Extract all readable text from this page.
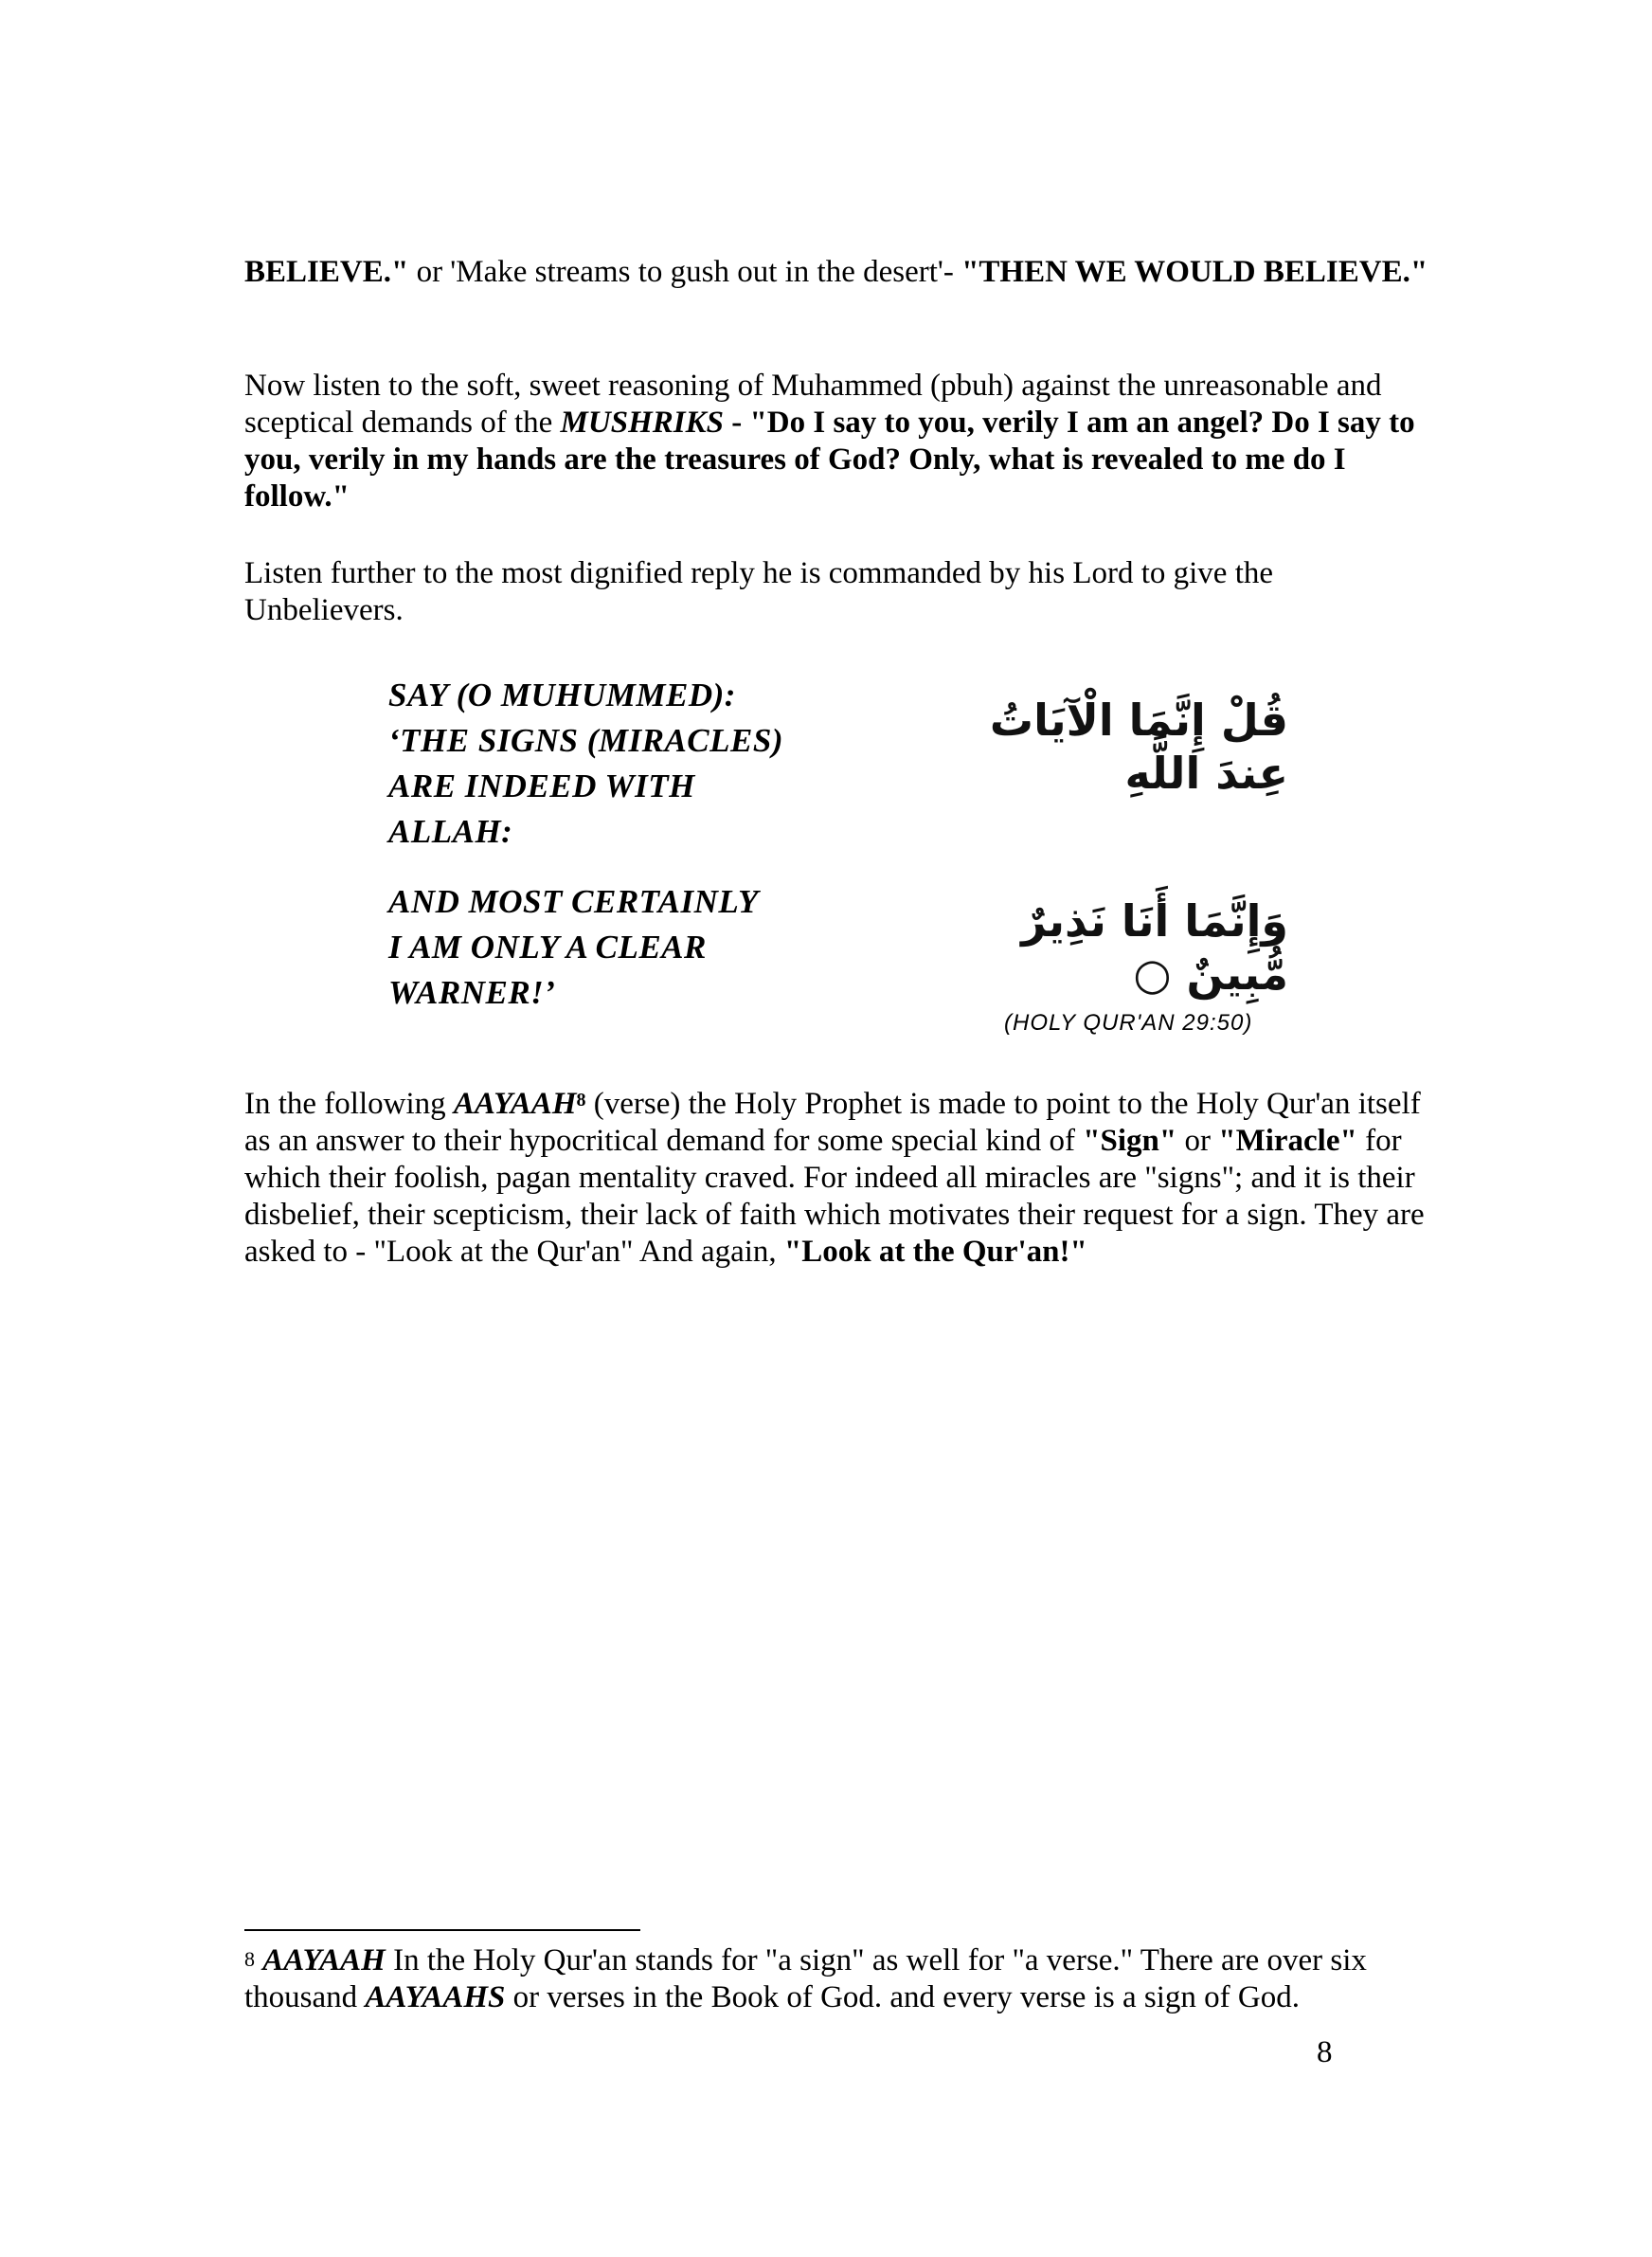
BELIEVE." or 'Make streams to gush out in the desert'- "THEN WE WOULD BELIEVE."

Now listen to the soft, sweet reasoning of Muhammed (pbuh) against the unreasonable and sceptical demands of the MUSHRIKS - "Do I say to you, verily I am an angel? Do I say to you, verily in my hands are the treasures of God? Only, what is revealed to me do I follow."

Listen further to the most dignified reply he is commanded by his Lord to give the Unbelievers.

SAY (O MUHUMMED):
‘THE SIGNS (MIRACLES)
ARE INDEED WITH
ALLAH:
AND MOST CERTAINLY
I AM ONLY A CLEAR
WARNER!’
قُلْ إِنَّمَا الْآيَاتُ عِندَ اللَّهِ
وَإِنَّمَا أَنَا نَذِيرٌ مُّبِينٌ ○
(HOLY QUR'AN 29:50)

In the following AAYAAH$^8$ (verse) the Holy Prophet is made to point to the Holy Qur'an itself as an answer to their hypocritical demand for some special kind of "Sign" or "Miracle" for which their foolish, pagan mentality craved. For indeed all miracles are "signs"; and it is their disbelief, their scepticism, their lack of faith which motivates their request for a sign. They are asked to - "Look at the Qur'an" And again, "Look at the Qur'an!"

$^8$ AAYAAH In the Holy Qur'an stands for "a sign" as well for "a verse." There are over six thousand AAYAAHS or verses in the Book of God. and every verse is a sign of God.

8
